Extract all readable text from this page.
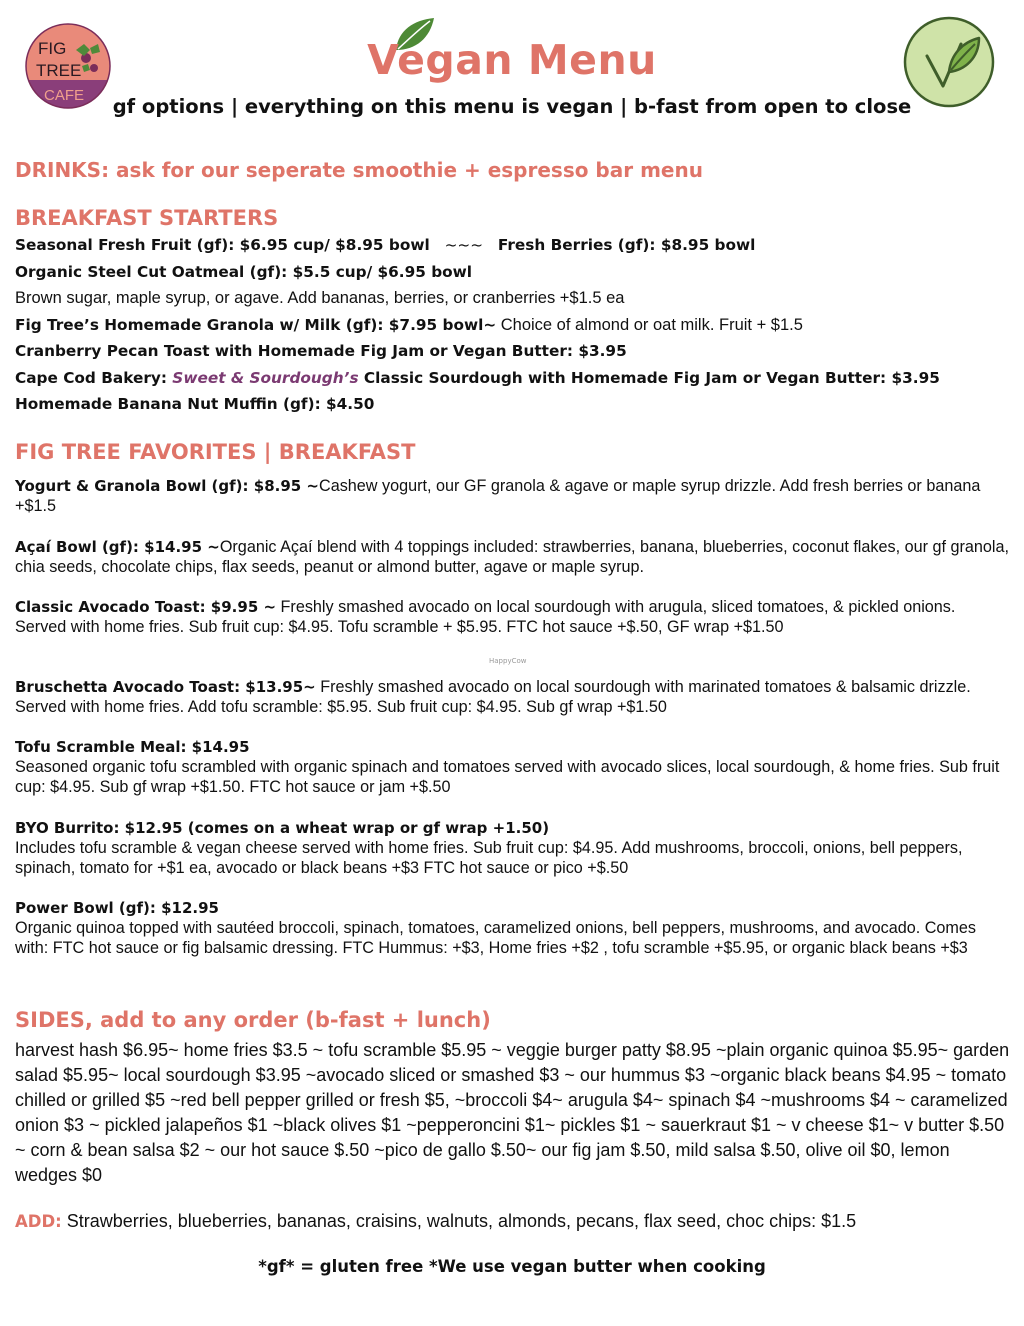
FIG
TREE
CAFE
Vegan Menu
gf options | everything on this menu is vegan | b-fast from open to close
DRINKS: ask for our seperate smoothie + espresso bar menu
BREAKFAST STARTERS
Seasonal Fresh Fruit (gf): $6.95 cup/ $8.95 bowl ~~~ Fresh Berries (gf): $8.95 bowl
Organic Steel Cut Oatmeal (gf): $5.5 cup/ $6.95 bowl
Brown sugar, maple syrup, or agave. Add bananas, berries, or cranberries +$1.5 ea
Fig Tree’s Homemade Granola w/ Milk (gf): $7.95 bowl~ Choice of almond or oat milk. Fruit + $1.5
Cranberry Pecan Toast with Homemade Fig Jam or Vegan Butter: $3.95
Cape Cod Bakery: Sweet & Sourdough’s Classic Sourdough with Homemade Fig Jam or Vegan Butter: $3.95
Homemade Banana Nut Muffin (gf): $4.50
FIG TREE FAVORITES | BREAKFAST
Yogurt & Granola Bowl (gf): $8.95 ~Cashew yogurt, our GF granola & agave or maple syrup drizzle. Add fresh berries or banana +$1.5
Açaí Bowl (gf): $14.95 ~Organic Açaí blend with 4 toppings included: strawberries, banana, blueberries, coconut flakes, our gf granola, chia seeds, chocolate chips, flax seeds, peanut or almond butter, agave or maple syrup.
Classic Avocado Toast: $9.95 ~ Freshly smashed avocado on local sourdough with arugula, sliced tomatoes, & pickled onions. Served with home fries. Sub fruit cup: $4.95. Tofu scramble + $5.95. FTC hot sauce +$.50, GF wrap +$1.50
HappyCow
Bruschetta Avocado Toast: $13.95~ Freshly smashed avocado on local sourdough with marinated tomatoes & balsamic drizzle. Served with home fries. Add tofu scramble: $5.95. Sub fruit cup: $4.95. Sub gf wrap +$1.50
Tofu Scramble Meal: $14.95
Seasoned organic tofu scrambled with organic spinach and tomatoes served with avocado slices, local sourdough, & home fries. Sub fruit cup: $4.95. Sub gf wrap +$1.50. FTC hot sauce or jam +$.50
BYO Burrito: $12.95 (comes on a wheat wrap or gf wrap +1.50)
Includes tofu scramble & vegan cheese served with home fries. Sub fruit cup: $4.95. Add mushrooms, broccoli, onions, bell peppers, spinach, tomato for +$1 ea, avocado or black beans +$3 FTC hot sauce or pico +$.50
Power Bowl (gf): $12.95
Organic quinoa topped with sautéed broccoli, spinach, tomatoes, caramelized onions, bell peppers, mushrooms, and avocado. Comes with: FTC hot sauce or fig balsamic dressing. FTC Hummus: +$3, Home fries +$2 , tofu scramble +$5.95, or organic black beans +$3
SIDES, add to any order (b-fast + lunch)
harvest hash $6.95~ home fries $3.5 ~ tofu scramble $5.95 ~ veggie burger patty $8.95 ~plain organic quinoa $5.95~ garden salad $5.95~ local sourdough $3.95 ~avocado sliced or smashed $3 ~ our hummus $3 ~organic black beans $4.95 ~ tomato chilled or grilled $5 ~red bell pepper grilled or fresh $5, ~broccoli $4~ arugula $4~ spinach $4 ~mushrooms $4 ~ caramelized onion $3 ~ pickled jalapeños $1 ~black olives $1 ~pepperoncini $1~ pickles $1 ~ sauerkraut $1 ~ v cheese $1~ v butter $.50 ~ corn & bean salsa $2 ~ our hot sauce $.50 ~pico de gallo $.50~ our fig jam $.50, mild salsa $.50, olive oil $0, lemon wedges $0
ADD: Strawberries, blueberries, bananas, craisins, walnuts, almonds, pecans, flax seed, choc chips: $1.5
*gf* = gluten free *We use vegan butter when cooking
